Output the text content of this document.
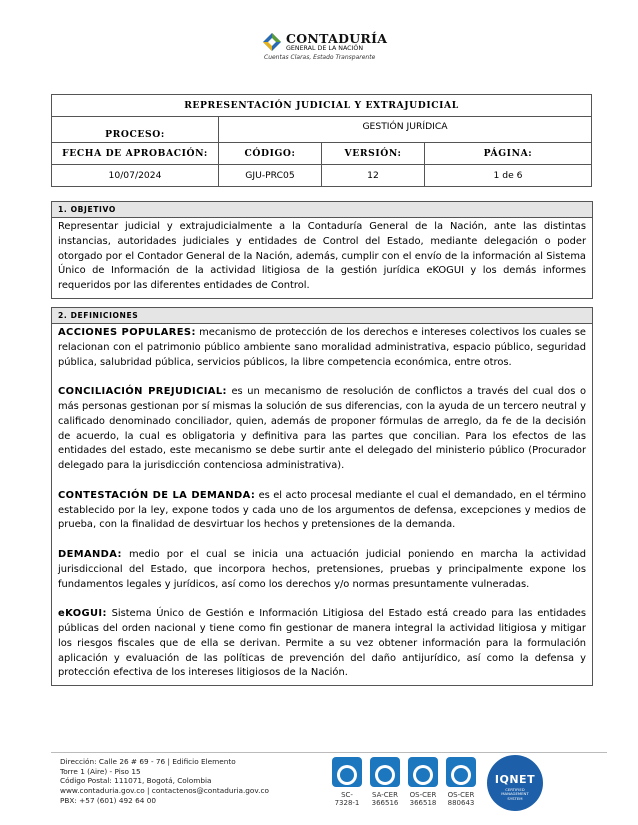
CONTADURÍA
GENERAL DE LA NACIÓN
Cuentas Claras, Estado Transparente
REPRESENTACIÓN JUDICIAL Y EXTRAJUDICIAL			
PROCESO:	GESTIÓN JURÍDICA		
FECHA DE APROBACIÓN:	CÓDIGO:	VERSIÓN:	PÁGINA:
10/07/2024	GJU-PRC05	12	1 de 6
1. OBJETIVO

Representar judicial y extrajudicialmente a la Contaduría General de la Nación, ante las distintas instancias, autoridades judiciales y entidades de Control del Estado, mediante delegación o poder otorgado por el Contador General de la Nación, además, cumplir con el envío de la información al Sistema Único de Información de la actividad litigiosa de la gestión jurídica eKOGUI y los demás informes requeridos por las diferentes entidades de Control.

2. DEFINICIONES

ACCIONES POPULARES: mecanismo de protección de los derechos e intereses colectivos los cuales se relacionan con el patrimonio público ambiente sano moralidad administrativa, espacio público, seguridad pública, salubridad pública, servicios públicos, la libre competencia económica, entre otros.

CONCILIACIÓN PREJUDICIAL: es un mecanismo de resolución de conflictos a través del cual dos o más personas gestionan por sí mismas la solución de sus diferencias, con la ayuda de un tercero neutral y calificado denominado conciliador, quien, además de proponer fórmulas de arreglo, da fe de la decisión de acuerdo, la cual es obligatoria y definitiva para las partes que concilian. Para los efectos de las entidades del estado, este mecanismo se debe surtir ante el delegado del ministerio público (Procurador delegado para la jurisdicción contenciosa administrativa).

CONTESTACIÓN DE LA DEMANDA: es el acto procesal mediante el cual el demandado, en el término establecido por la ley, expone todos y cada uno de los argumentos de defensa, excepciones y medios de prueba, con la finalidad de desvirtuar los hechos y pretensiones de la demanda.

DEMANDA: medio por el cual se inicia una actuación judicial poniendo en marcha la actividad jurisdiccional del Estado, que incorpora hechos, pretensiones, pruebas y principalmente expone los fundamentos legales y jurídicos, así como los derechos y/o normas presuntamente vulneradas.

eKOGUI: Sistema Único de Gestión e Información Litigiosa del Estado está creado para las entidades públicas del orden nacional y tiene como fin gestionar de manera integral la actividad litigiosa y mitigar los riesgos fiscales que de ella se derivan. Permite a su vez obtener información para la formulación aplicación y evaluación de las políticas de prevención del daño antijurídico, así como la defensa y protección efectiva de los intereses litigiosos de la Nación.

Dirección: Calle 26 # 69 - 76 | Edificio Elemento
Torre 1 (Aire) - Piso 15
Código Postal: 111071, Bogotá, Colombia
www.contaduria.gov.co | contactenos@contaduria.gov.co
PBX: +57 (601) 492 64 00
SC-
7328-1
SA-CER
366516
OS-CER
366518
OS-CER
880643
IQNET
CERTIFIED MANAGEMENT SYSTEM
